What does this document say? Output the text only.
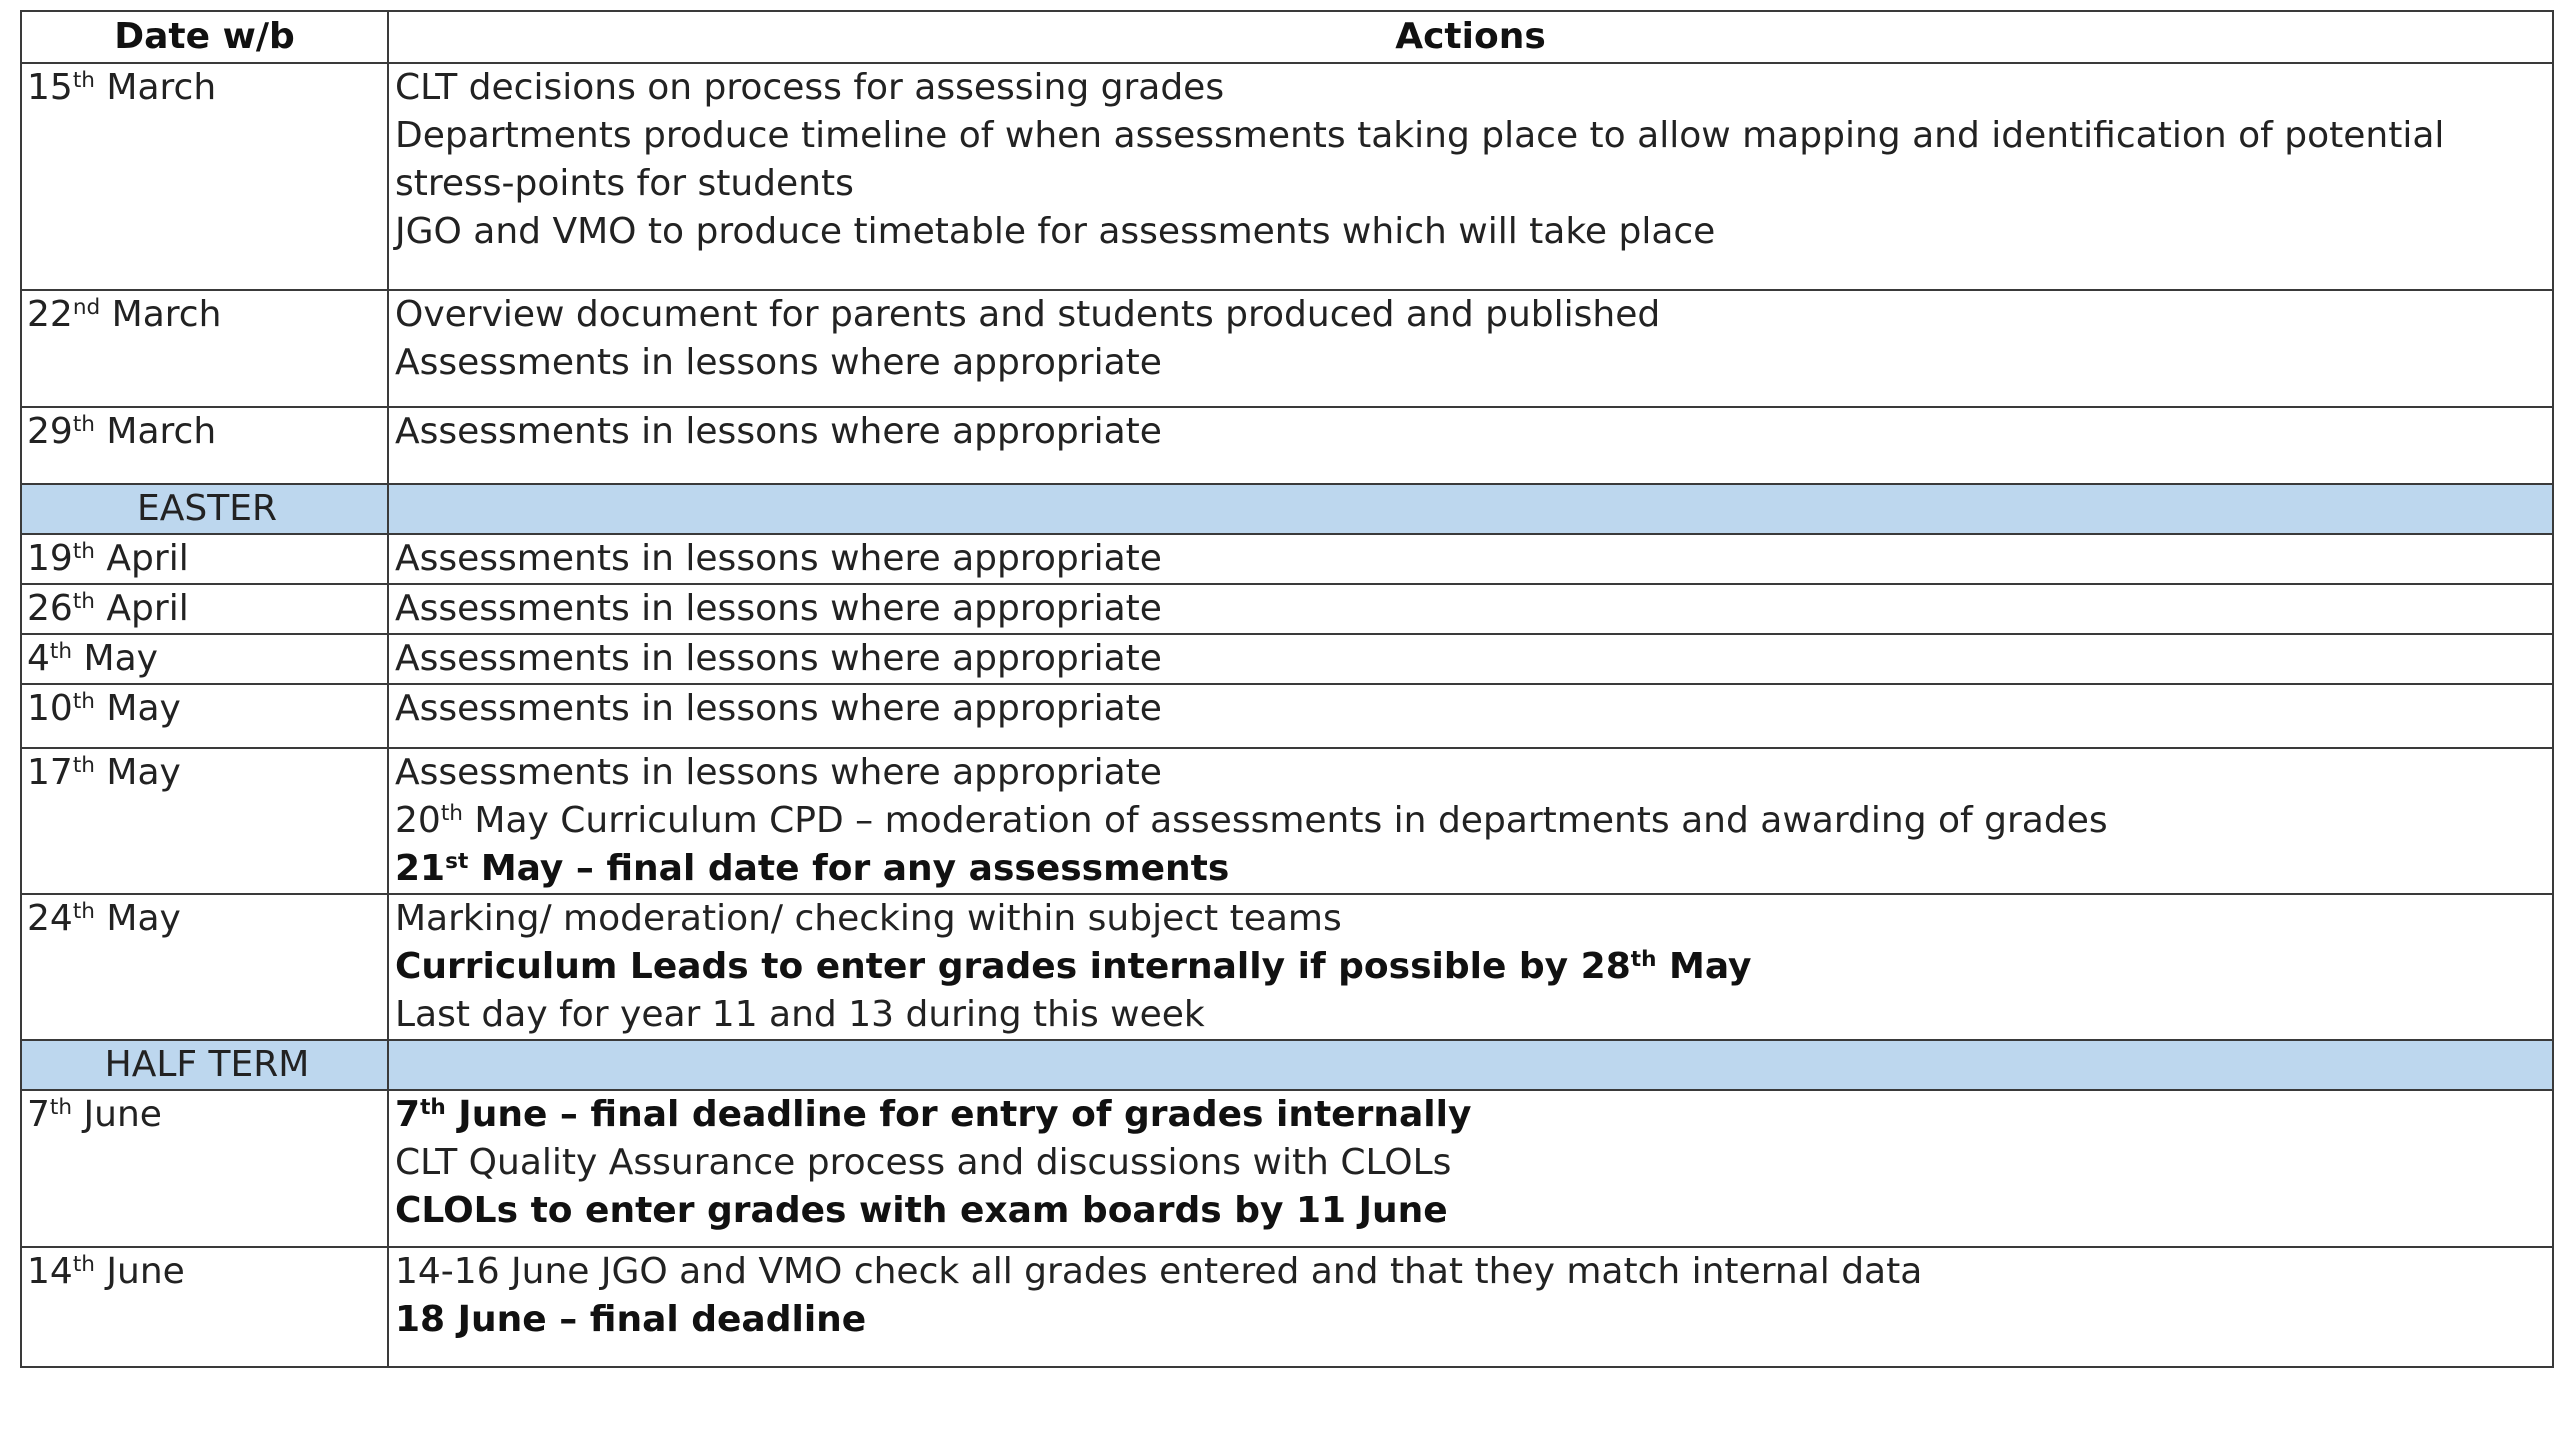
Date w/b	Actions
15th March	CLT decisions on process for assessing grades
Departments produce timeline of when assessments taking place to allow mapping and identification of potential stress-points for students
JGO and VMO to produce timetable for assessments which will take place

22nd March	Overview document for parents and students produced and published
Assessments in lessons where appropriate

29th March	Assessments in lessons where appropriate

EASTER	
19th April	Assessments in lessons where appropriate

26th April	Assessments in lessons where appropriate

4th May	Assessments in lessons where appropriate

10th May	Assessments in lessons where appropriate

17th May	Assessments in lessons where appropriate
20th May Curriculum CPD – moderation of assessments in departments and awarding of grades
21st May – final date for any assessments

24th May	Marking/ moderation/ checking within subject teams
Curriculum Leads to enter grades internally if possible by 28th May
Last day for year 11 and 13 during this week

HALF TERM	
7th June	7th June – final deadline for entry of grades internally
CLT Quality Assurance process and discussions with CLOLs
CLOLs to enter grades with exam boards by 11 June

14th June	14-16 June JGO and VMO check all grades entered and that they match internal data
18 June – final deadline
